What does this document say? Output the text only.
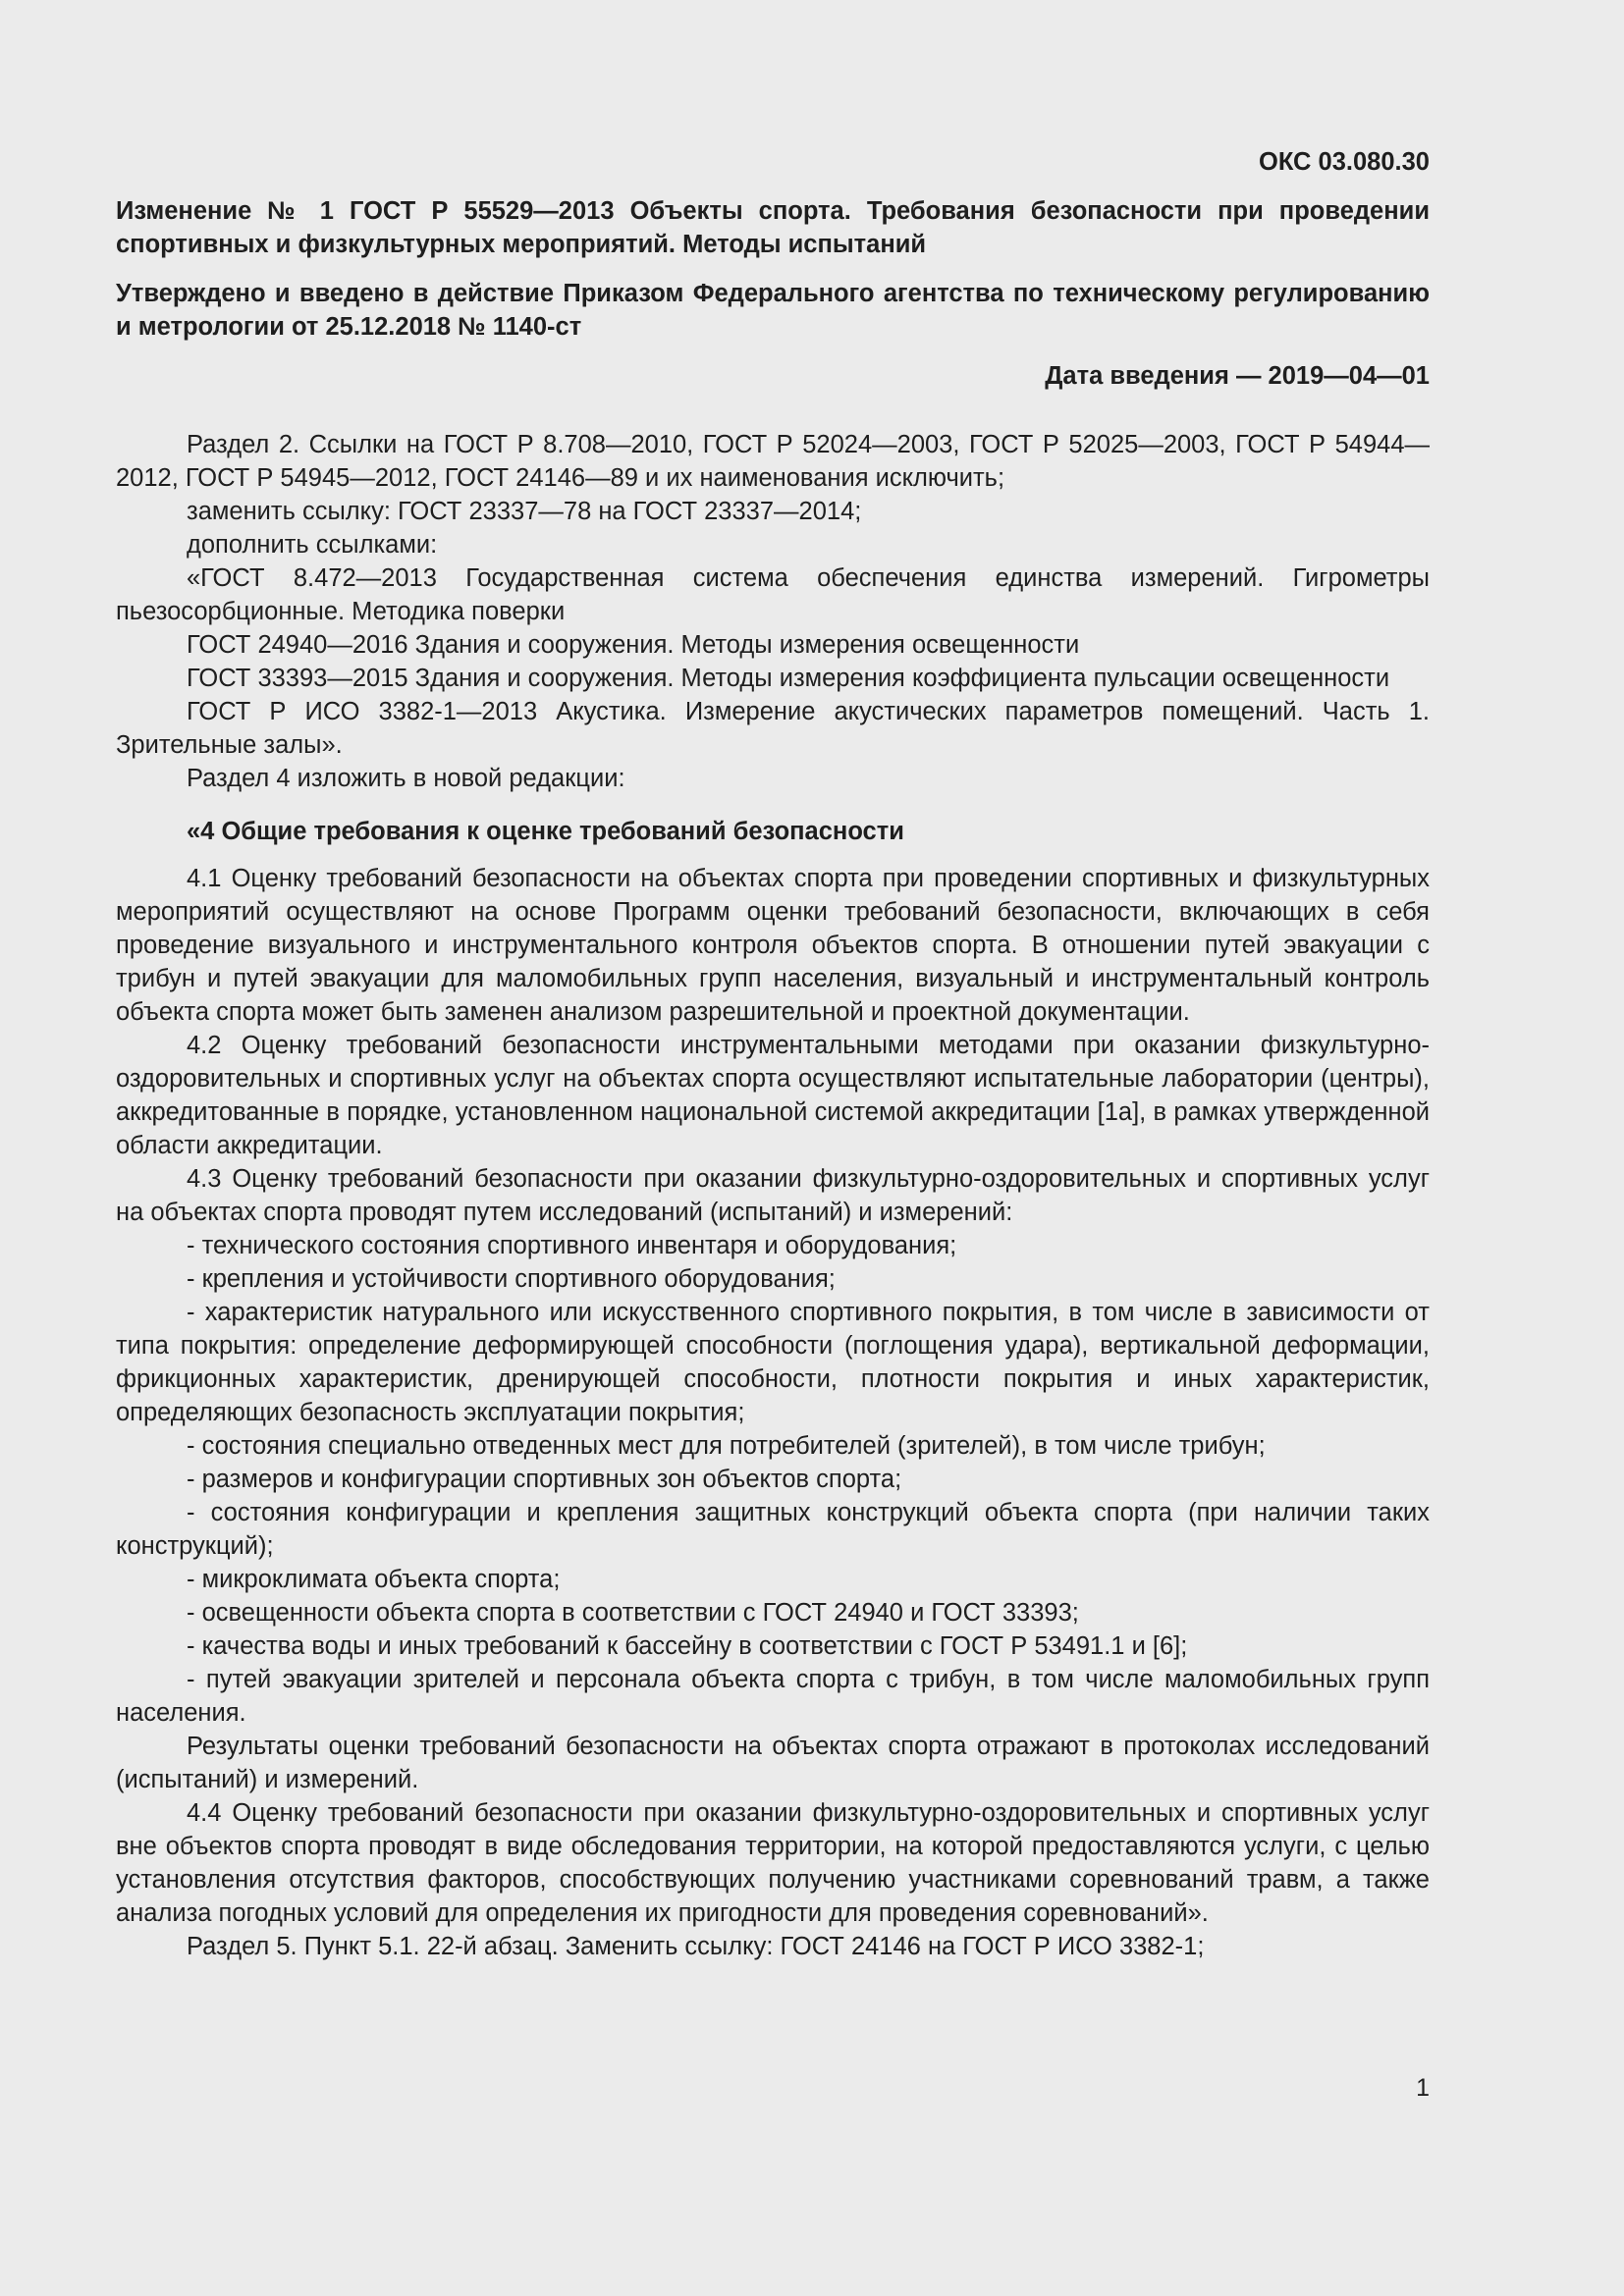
ОКС 03.080.30
Изменение № 1 ГОСТ Р 55529—2013 Объекты спорта. Требования безопасности при проведении спортивных и физкультурных мероприятий. Методы испытаний
Утверждено и введено в действие Приказом Федерального агентства по техническому регулированию и метрологии от 25.12.2018 № 1140-ст
Дата введения — 2019—04—01

Раздел 2. Ссылки на ГОСТ Р 8.708—2010, ГОСТ Р 52024—2003, ГОСТ Р 52025—2003, ГОСТ Р 54944—2012, ГОСТ Р 54945—2012, ГОСТ 24146—89 и их наименования исключить;

заменить ссылку: ГОСТ 23337—78 на ГОСТ 23337—2014;

дополнить ссылками:

«ГОСТ 8.472—2013 Государственная система обеспечения единства измерений. Гигрометры пьезосорбционные. Методика поверки

ГОСТ 24940—2016 Здания и сооружения. Методы измерения освещенности

ГОСТ 33393—2015 Здания и сооружения. Методы измерения коэффициента пульсации освещенности

ГОСТ Р ИСО 3382-1—2013 Акустика. Измерение акустических параметров помещений. Часть 1. Зрительные залы».

Раздел 4 изложить в новой редакции:

«4 Общие требования к оценке требований безопасности

4.1 Оценку требований безопасности на объектах спорта при проведении спортивных и физкультурных мероприятий осуществляют на основе Программ оценки требований безопасности, включающих в себя проведение визуального и инструментального контроля объектов спорта. В отношении путей эвакуации с трибун и путей эвакуации для маломобильных групп населения, визуальный и инструментальный контроль объекта спорта может быть заменен анализом разрешительной и проектной документации.

4.2 Оценку требований безопасности инструментальными методами при оказании физкультурно-оздоровительных и спортивных услуг на объектах спорта осуществляют испытательные лаборатории (центры), аккредитованные в порядке, установленном национальной системой аккредитации [1а], в рамках утвержденной области аккредитации.

4.3 Оценку требований безопасности при оказании физкультурно-оздоровительных и спортивных услуг на объектах спорта проводят путем исследований (испытаний) и измерений:

- технического состояния спортивного инвентаря и оборудования;

- крепления и устойчивости спортивного оборудования;

- характеристик натурального или искусственного спортивного покрытия, в том числе в зависимости от типа покрытия: определение деформирующей способности (поглощения удара), вертикальной деформации, фрикционных характеристик, дренирующей способности, плотности покрытия и иных характеристик, определяющих безопасность эксплуатации покрытия;

- состояния специально отведенных мест для потребителей (зрителей), в том числе трибун;

- размеров и конфигурации спортивных зон объектов спорта;

- состояния конфигурации и крепления защитных конструкций объекта спорта (при наличии таких конструкций);

- микроклимата объекта спорта;

- освещенности объекта спорта в соответствии с ГОСТ 24940 и ГОСТ 33393;

- качества воды и иных требований к бассейну в соответствии с ГОСТ Р 53491.1 и [6];

- путей эвакуации зрителей и персонала объекта спорта с трибун, в том числе маломобильных групп населения.

Результаты оценки требований безопасности на объектах спорта отражают в протоколах исследований (испытаний) и измерений.

4.4 Оценку требований безопасности при оказании физкультурно-оздоровительных и спортивных услуг вне объектов спорта проводят в виде обследования территории, на которой предоставляются услуги, с целью установления отсутствия факторов, способствующих получению участниками соревнований травм, а также анализа погодных условий для определения их пригодности для проведения соревнований».

Раздел 5. Пункт 5.1. 22-й абзац. Заменить ссылку: ГОСТ 24146 на ГОСТ Р ИСО 3382-1;

1
